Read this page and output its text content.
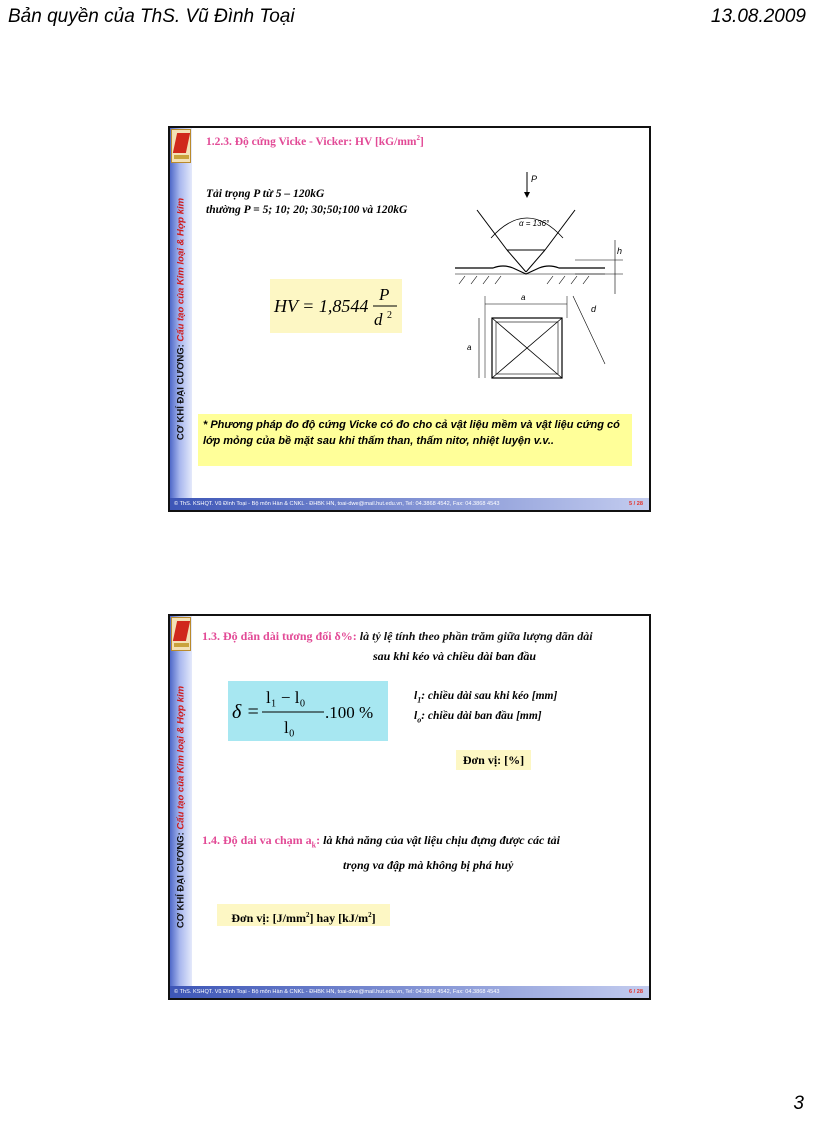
Bản quyền của ThS. Vũ Đình Toại	13.08.2009
CƠ KHÍ ĐẠI CƯƠNG: Cấu tạo của Kim loại & Hợp kim
1.2.3. Độ cứng Vicke - Vicker: HV $[kG/mm^2]$
Tải trọng P từ 5 – 120kG
thường P = 5; 10; 20; 30;50;100 và 120kG
HV = 1,8544
P
d 2
P
α = 136°
h
a
a
d
* Phương pháp đo độ cứng Vicke có đo cho cả vật liệu mềm và vật liệu cứng có lớp mỏng của bề mặt sau khi thấm than, thấm nitơ, nhiệt luyện v.v..
© ThS. KSHQT. Vũ Đình Toại - Bộ môn Hàn & CNKL - ĐHBK HN, toai-dwe@mail.hut.edu.vn, Tel: 04.3868 4542, Fax: 04.3868 4543	5 / 28
CƠ KHÍ ĐẠI CƯƠNG: Cấu tạo của Kim loại & Hợp kim
1.3. Độ dãn dài tương đối δ%: là tỷ lệ tính theo phần trăm giữa lượng dãn dài
sau khi kéo và chiều dài ban đầu
δ =
l₁ − l₀
l₀
.100 %
$l_1$: chiều dài sau khi kéo [mm]
$l_o$: chiều dài ban đầu [mm]
Đơn vị: [%]
1.4. Độ dai va chạm $a_k$: là khả năng của vật liệu chịu đựng được các tải
trọng va đập mà không bị phá huỷ
Đơn vị: $[J/mm^2]$ hay $[kJ/m^2]$
© ThS. KSHQT. Vũ Đình Toại - Bộ môn Hàn & CNKL - ĐHBK HN, toai-dwe@mail.hut.edu.vn, Tel: 04.3868 4542, Fax: 04.3868 4543	6 / 28
3
